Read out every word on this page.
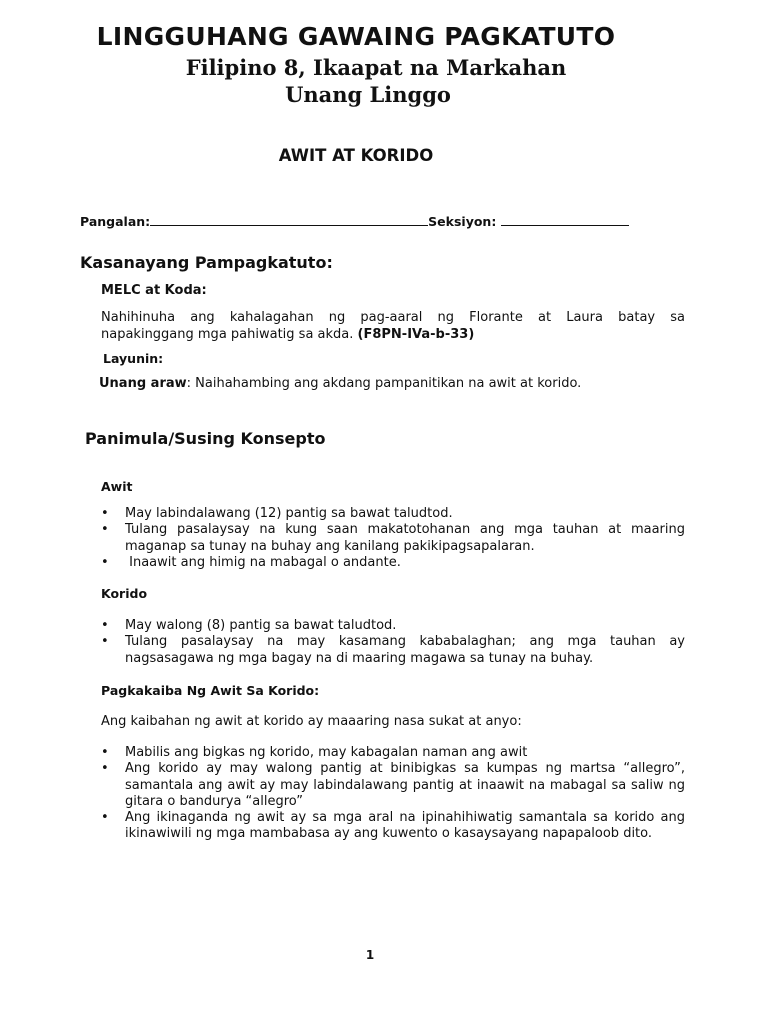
LINGGUHANG GAWAING PAGKATUTO
Filipino 8, Ikaapat na Markahan
Unang Linggo
AWIT AT KORIDO
Pangalan:	Seksiyon:
Kasanayang Pampagkatuto:
MELC at Koda:
Nahihinuha ang kahalagahan ng pag-aaral ng Florante at Laura batay sa
napakinggang mga pahiwatig sa akda. (F8PN-IVa-b-33)
Layunin:
Unang araw: Naihahambing ang akdang pampanitikan na awit at korido.
Panimula/Susing Konsepto
Awit
• May labindalawang (12) pantig sa bawat taludtod.
• Tulang pasalaysay na kung saan makatotohanan ang mga tauhan at maaring maganap sa tunay na buhay ang kanilang pakikipagsapalaran.
• Inaawit ang himig na mabagal o andante.
Korido
• May walong (8) pantig sa bawat taludtod.
• Tulang pasalaysay na may kasamang kababalaghan; ang mga tauhan ay nagsasagawa ng mga bagay na di maaring magawa sa tunay na buhay.
Pagkakaiba Ng Awit Sa Korido:
Ang kaibahan ng awit at korido ay maaaring nasa sukat at anyo:
• Mabilis ang bigkas ng korido, may kabagalan naman ang awit
• Ang korido ay may walong pantig at binibigkas sa kumpas ng martsa “allegro”, samantala ang awit ay may labindalawang pantig at inaawit na mabagal sa saliw ng gitara o bandurya “allegro”
• Ang ikinaganda ng awit ay sa mga aral na ipinahihiwatig samantala sa korido ang ikinawiwili ng mga mambabasa ay ang kuwento o kasaysayang napapaloob dito.
1
